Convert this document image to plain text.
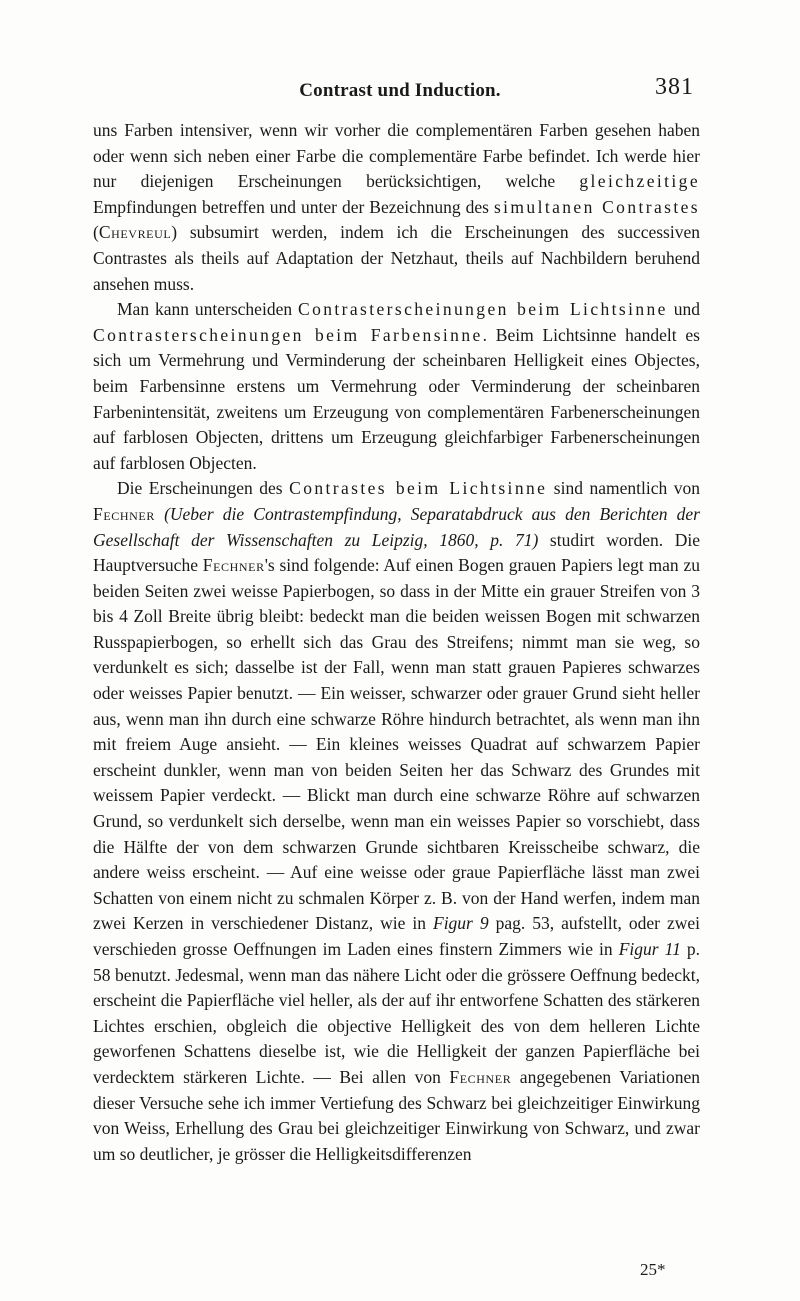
Contrast und Induction.	381

uns Farben intensiver, wenn wir vorher die complementären Farben gesehen haben oder wenn sich neben einer Farbe die complementäre Farbe befindet. Ich werde hier nur diejenigen Erscheinungen berücksichtigen, welche gleichzeitige Empfindungen betreffen und unter der Bezeichnung des simultanen Contrastes (Chevreul) subsumirt werden, indem ich die Erscheinungen des successiven Contrastes als theils auf Adaptation der Netzhaut, theils auf Nachbildern beruhend ansehen muss.

Man kann unterscheiden Contrasterscheinungen beim Lichtsinne und Contrasterscheinungen beim Farbensinne. Beim Lichtsinne handelt es sich um Vermehrung und Verminderung der scheinbaren Helligkeit eines Objectes, beim Farbensinne erstens um Vermehrung oder Verminderung der scheinbaren Farbenintensität, zweitens um Erzeugung von complementären Farbenerscheinungen auf farblosen Objecten, drittens um Erzeugung gleichfarbiger Farbenerscheinungen auf farblosen Objecten.

Die Erscheinungen des Contrastes beim Lichtsinne sind namentlich von Fechner (Ueber die Contrastempfindung, Separatabdruck aus den Berichten der Gesellschaft der Wissenschaften zu Leipzig, 1860, p. 71) studirt worden. Die Hauptversuche Fechner's sind folgende: Auf einen Bogen grauen Papiers legt man zu beiden Seiten zwei weisse Papierbogen, so dass in der Mitte ein grauer Streifen von 3 bis 4 Zoll Breite übrig bleibt: bedeckt man die beiden weissen Bogen mit schwarzen Russpapierbogen, so erhellt sich das Grau des Streifens; nimmt man sie weg, so verdunkelt es sich; dasselbe ist der Fall, wenn man statt grauen Papieres schwarzes oder weisses Papier benutzt. — Ein weisser, schwarzer oder grauer Grund sieht heller aus, wenn man ihn durch eine schwarze Röhre hindurch betrachtet, als wenn man ihn mit freiem Auge ansieht. — Ein kleines weisses Quadrat auf schwarzem Papier erscheint dunkler, wenn man von beiden Seiten her das Schwarz des Grundes mit weissem Papier verdeckt. — Blickt man durch eine schwarze Röhre auf schwarzen Grund, so verdunkelt sich derselbe, wenn man ein weisses Papier so vorschiebt, dass die Hälfte der von dem schwarzen Grunde sichtbaren Kreisscheibe schwarz, die andere weiss erscheint. — Auf eine weisse oder graue Papierfläche lässt man zwei Schatten von einem nicht zu schmalen Körper z. B. von der Hand werfen, indem man zwei Kerzen in verschiedener Distanz, wie in Figur 9 pag. 53, aufstellt, oder zwei verschieden grosse Oeffnungen im Laden eines finstern Zimmers wie in Figur 11 p. 58 benutzt. Jedesmal, wenn man das nähere Licht oder die grössere Oeffnung bedeckt, erscheint die Papierfläche viel heller, als der auf ihr entworfene Schatten des stärkeren Lichtes erschien, obgleich die objective Helligkeit des von dem helleren Lichte geworfenen Schattens dieselbe ist, wie die Helligkeit der ganzen Papierfläche bei verdecktem stärkeren Lichte. — Bei allen von Fechner angegebenen Variationen dieser Versuche sehe ich immer Vertiefung des Schwarz bei gleichzeitiger Einwirkung von Weiss, Erhellung des Grau bei gleichzeitiger Einwirkung von Schwarz, und zwar um so deutlicher, je grösser die Helligkeitsdifferenzen

25*
